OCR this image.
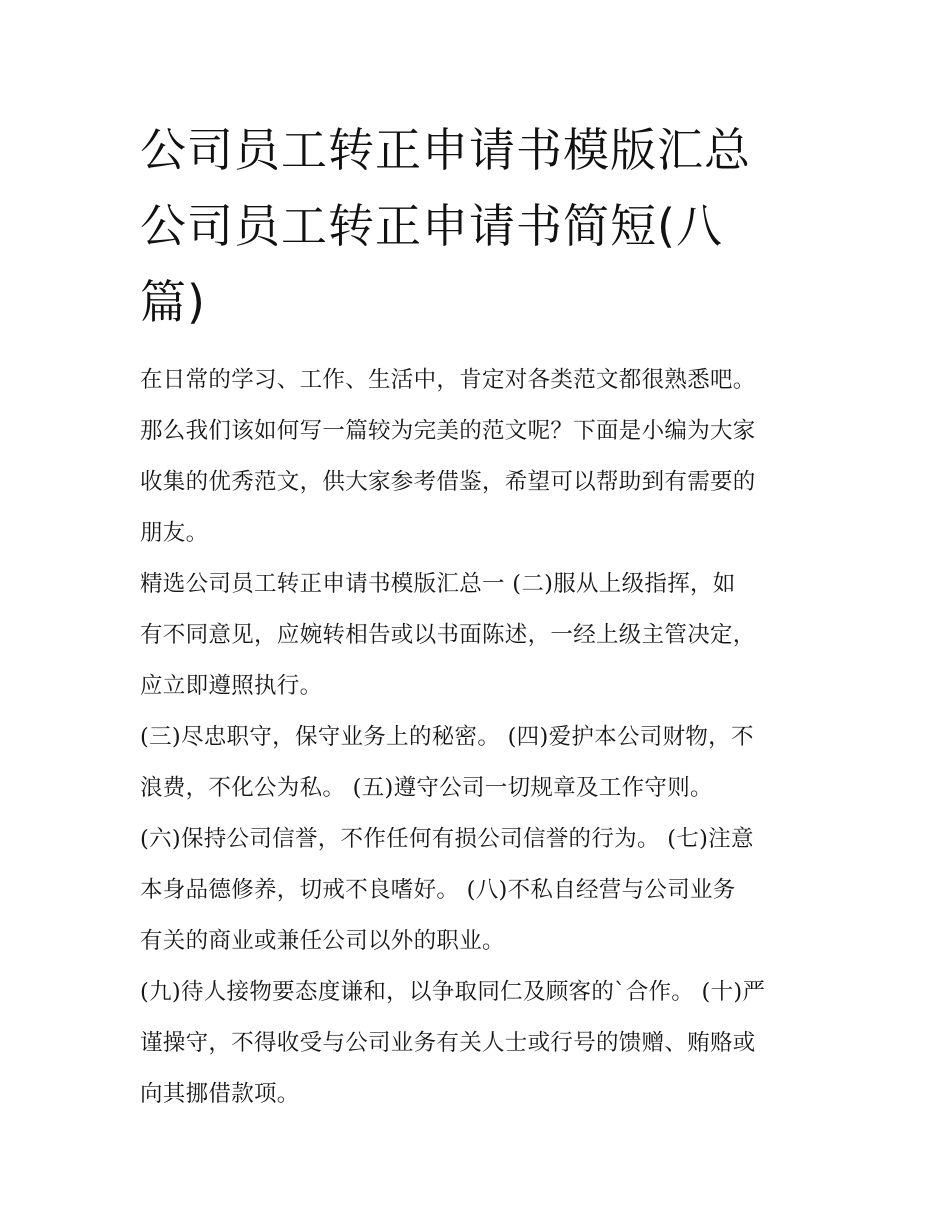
公司员工转正申请书模版汇总
公司员工转正申请书简短(八
篇)

在日常的学习、工作、生活中，肯定对各类范文都很熟悉吧。
那么我们该如何写一篇较为完美的范文呢？下面是小编为大家
收集的优秀范文，供大家参考借鉴，希望可以帮助到有需要的
朋友。

精选公司员工转正申请书模版汇总一 (二)服从上级指挥，如
有不同意见，应婉转相告或以书面陈述，一经上级主管决定，
应立即遵照执行。

(三)尽忠职守，保守业务上的秘密。 (四)爱护本公司财物，不
浪费，不化公为私。 (五)遵守公司一切规章及工作守则。

(六)保持公司信誉，不作任何有损公司信誉的行为。 (七)注意
本身品德修养，切戒不良嗜好。 (八)不私自经营与公司业务
有关的商业或兼任公司以外的职业。

(九)待人接物要态度谦和，以争取同仁及顾客的`合作。 (十)严
谨操守，不得收受与公司业务有关人士或行号的馈赠、贿赂或
向其挪借款项。
